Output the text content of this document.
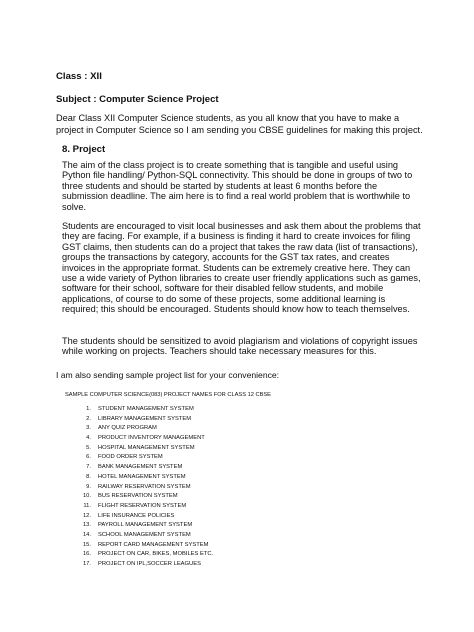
Class : XII
Subject : Computer Science Project

Dear Class XII Computer Science students, as you all know that you have to make a project in Computer Science so I am sending you CBSE guidelines for making this project.

8. Project

The aim of the class project is to create something that is tangible and useful using Python file handling/ Python-SQL connectivity. This should be done in groups of two to three students and should be started by students at least 6 months before the submission deadline. The aim here is to find a real world problem that is worthwhile to solve.

Students are encouraged to visit local businesses and ask them about the problems that they are facing. For example, if a business is finding it hard to create invoices for filing GST claims, then students can do a project that takes the raw data (list of transactions), groups the transactions by category, accounts for the GST tax rates, and creates invoices in the appropriate format. Students can be extremely creative here. They can use a wide variety of Python libraries to create user friendly applications such as games, software for their school, software for their disabled fellow students, and mobile applications, of course to do some of these projects, some additional learning is required; this should be encouraged. Students should know how to teach themselves.

The students should be sensitized to avoid plagiarism and violations of copyright issues while working on projects. Teachers should take necessary measures for this.

I am also sending sample project list for your convenience:

SAMPLE COMPUTER SCIENCE(083) PROJECT NAMES FOR CLASS 12 CBSE

1. STUDENT MANAGEMENT SYSTEM
2. LIBRARY MANAGEMENT SYSTEM
3. ANY QUIZ PROGRAM
4. PRODUCT INVENTORY MANAGEMENT
5. HOSPITAL MANAGEMENT SYSTEM
6. FOOD ORDER SYSTEM
7. BANK MANAGEMENT SYSTEM
8. HOTEL MANAGEMENT SYSTEM
9. RAILWAY RESERVATION SYSTEM
10. BUS RESERVATION SYSTEM
11. FLIGHT RESERVATION SYSTEM
12. LIFE INSURANCE POLICIES
13. PAYROLL MANAGEMENT SYSTEM
14. SCHOOL MANAGEMENT SYSTEM
15. REPORT CARD MANAGEMENT SYSTEM
16. PROJECT ON CAR, BIKES, MOBILES ETC.
17. PROJECT ON IPL,SOCCER LEAGUES
